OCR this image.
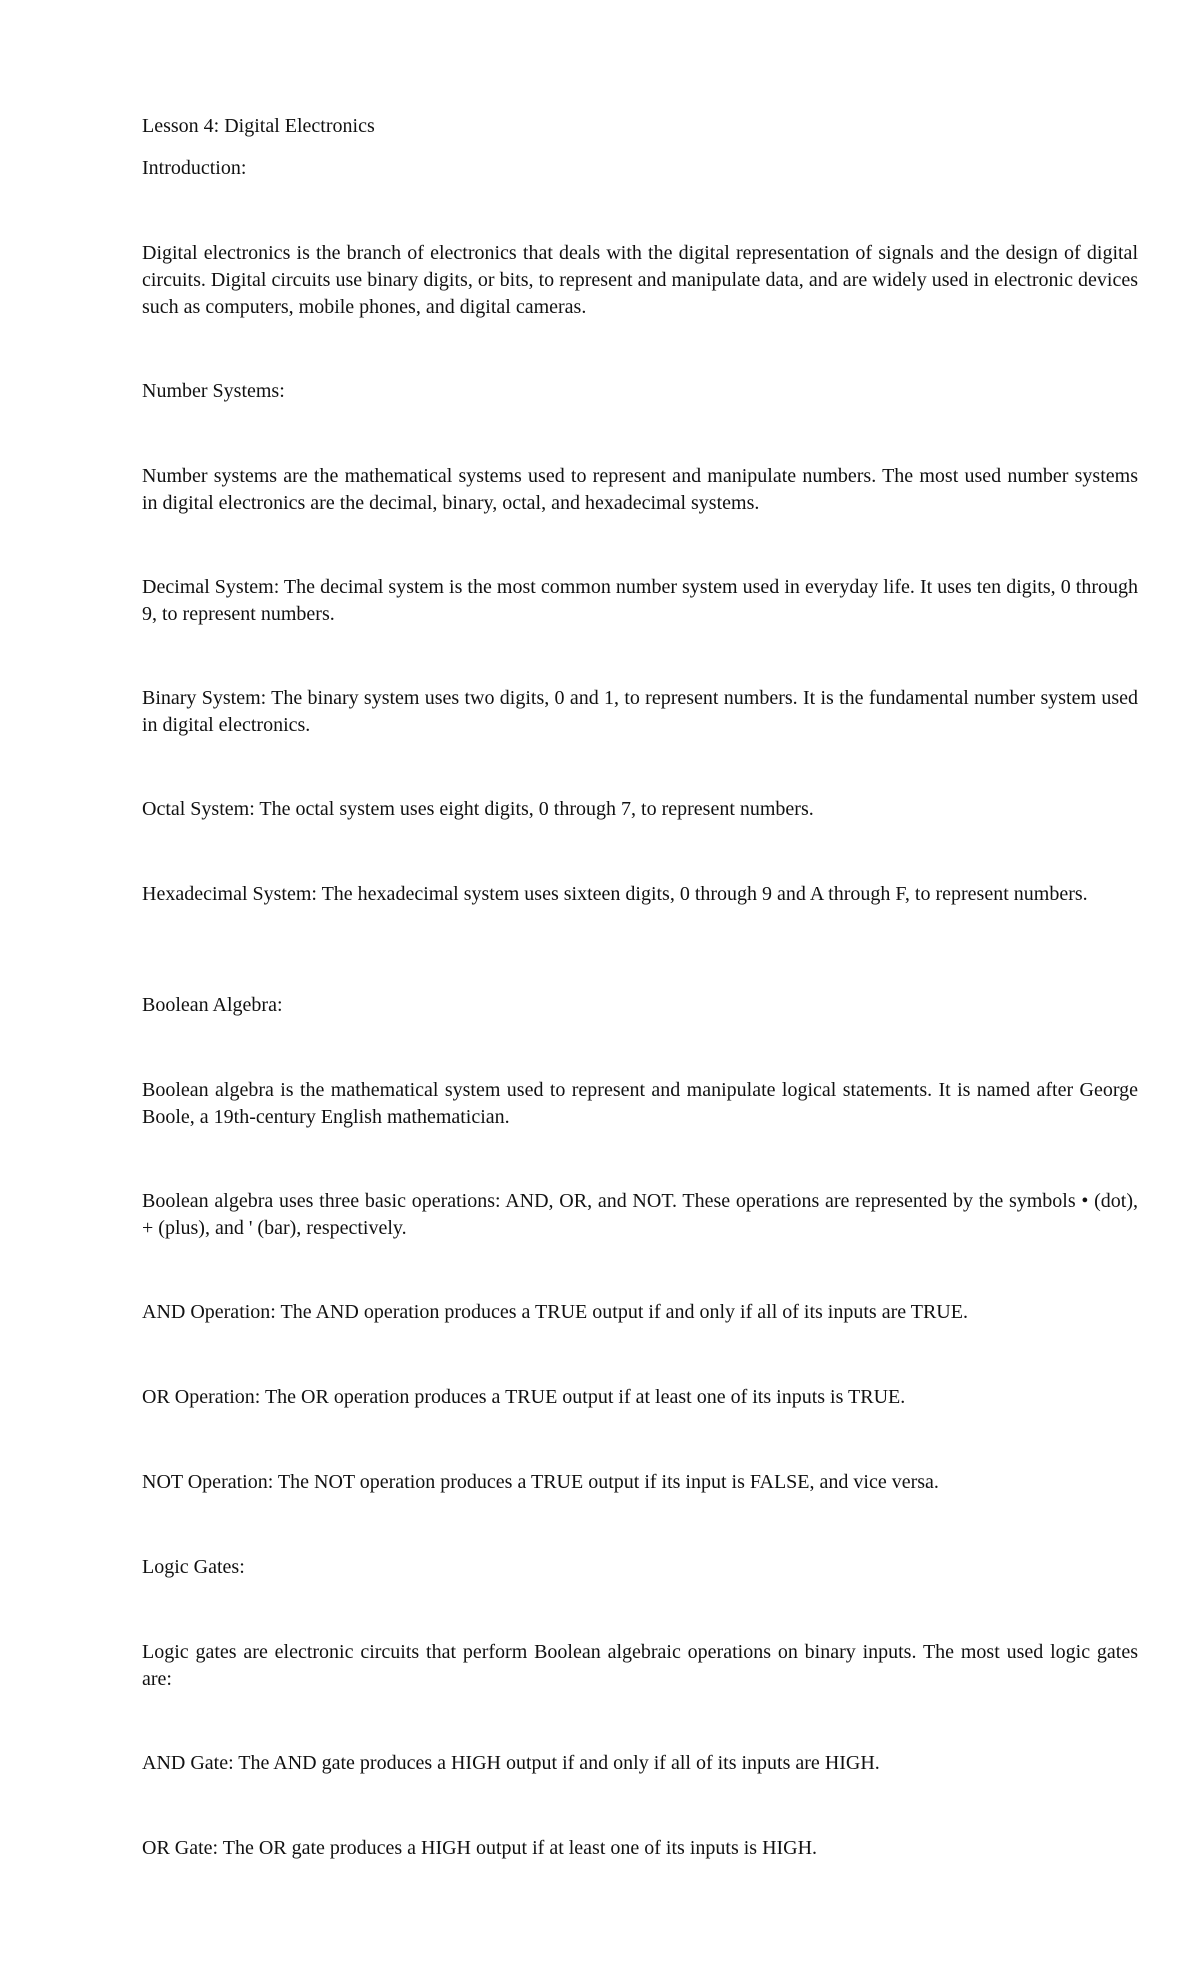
Lesson 4: Digital Electronics

Introduction:

Digital electronics is the branch of electronics that deals with the digital representation of signals and the design of digital circuits. Digital circuits use binary digits, or bits, to represent and manipulate data, and are widely used in electronic devices such as computers, mobile phones, and digital cameras.

Number Systems:

Number systems are the mathematical systems used to represent and manipulate numbers. The most used number systems in digital electronics are the decimal, binary, octal, and hexadecimal systems.

Decimal System: The decimal system is the most common number system used in everyday life. It uses ten digits, 0 through 9, to represent numbers.

Binary System: The binary system uses two digits, 0 and 1, to represent numbers. It is the fundamental number system used in digital electronics.

Octal System: The octal system uses eight digits, 0 through 7, to represent numbers.

Hexadecimal System: The hexadecimal system uses sixteen digits, 0 through 9 and A through F, to represent numbers.

Boolean Algebra:

Boolean algebra is the mathematical system used to represent and manipulate logical statements. It is named after George Boole, a 19th-century English mathematician.

Boolean algebra uses three basic operations: AND, OR, and NOT. These operations are represented by the symbols • (dot), + (plus), and ' (bar), respectively.

AND Operation: The AND operation produces a TRUE output if and only if all of its inputs are TRUE.

OR Operation: The OR operation produces a TRUE output if at least one of its inputs is TRUE.

NOT Operation: The NOT operation produces a TRUE output if its input is FALSE, and vice versa.

Logic Gates:

Logic gates are electronic circuits that perform Boolean algebraic operations on binary inputs. The most used logic gates are:

AND Gate: The AND gate produces a HIGH output if and only if all of its inputs are HIGH.

OR Gate: The OR gate produces a HIGH output if at least one of its inputs is HIGH.
